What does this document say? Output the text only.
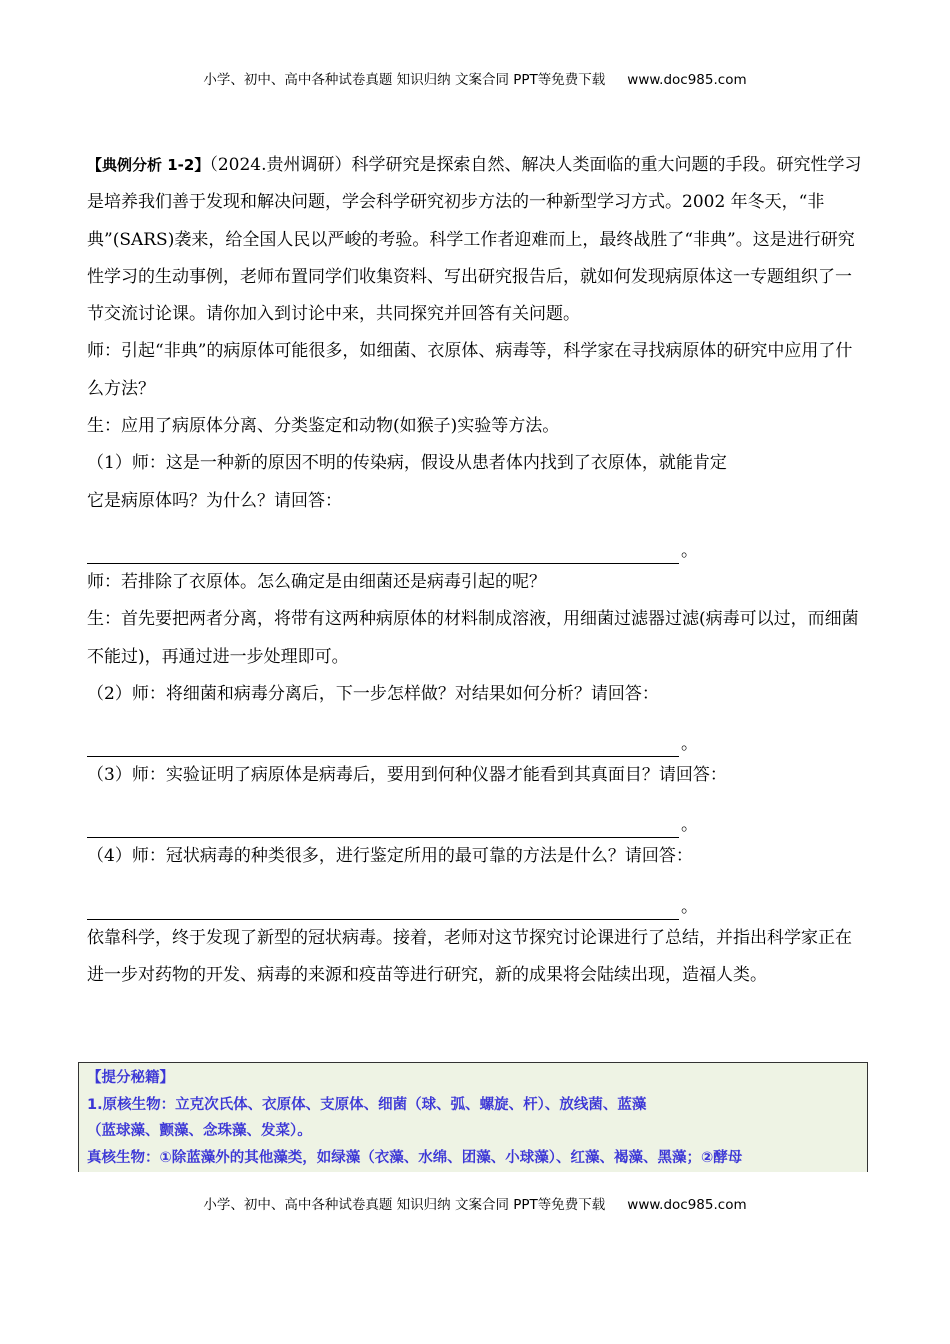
小学、初中、高中各种试卷真题 知识归纳 文案合同 PPT等免费下载 www.doc985.com

【典例分析 1-2】（2024.贵州调研）科学研究是探索自然、解决人类面临的重大问题的手段。研究性学习是培养我们善于发现和解决问题，学会科学研究初步方法的一种新型学习方式。2002 年冬天，“非典”(SARS)袭来，给全国人民以严峻的考验。科学工作者迎难而上，最终战胜了“非典”。这是进行研究性学习的生动事例，老师布置同学们收集资料、写出研究报告后，就如何发现病原体这一专题组织了一节交流讨论课。请你加入到讨论中来，共同探究并回答有关问题。

师：引起“非典”的病原体可能很多，如细菌、衣原体、病毒等，科学家在寻找病原体的研究中应用了什么方法？

生：应用了病原体分离、分类鉴定和动物(如猴子)实验等方法。

（1）师：这是一种新的原因不明的传染病，假设从患者体内找到了衣原体，就能肯定

它是病原体吗？为什么？请回答：

。

师：若排除了衣原体。怎么确定是由细菌还是病毒引起的呢？

生：首先要把两者分离，将带有这两种病原体的材料制成溶液，用细菌过滤器过滤(病毒可以过，而细菌不能过)，再通过进一步处理即可。

（2）师：将细菌和病毒分离后，下一步怎样做？对结果如何分析？请回答：

。

（3）师：实验证明了病原体是病毒后，要用到何种仪器才能看到其真面目？请回答：

。

（4）师：冠状病毒的种类很多，进行鉴定所用的最可靠的方法是什么？请回答：

。

依靠科学，终于发现了新型的冠状病毒。接着，老师对这节探究讨论课进行了总结，并指出科学家正在进一步对药物的开发、病毒的来源和疫苗等进行研究，新的成果将会陆续出现，造福人类。

【提分秘籍】
1.原核生物：立克次氏体、衣原体、支原体、细菌（球、弧、螺旋、杆）、放线菌、蓝藻
（蓝球藻、颤藻、念珠藻、发菜）。
真核生物：①除蓝藻外的其他藻类，如绿藻（衣藻、水绵、团藻、小球藻）、红藻、褐藻、黑藻；②酵母
小学、初中、高中各种试卷真题 知识归纳 文案合同 PPT等免费下载 www.doc985.com
